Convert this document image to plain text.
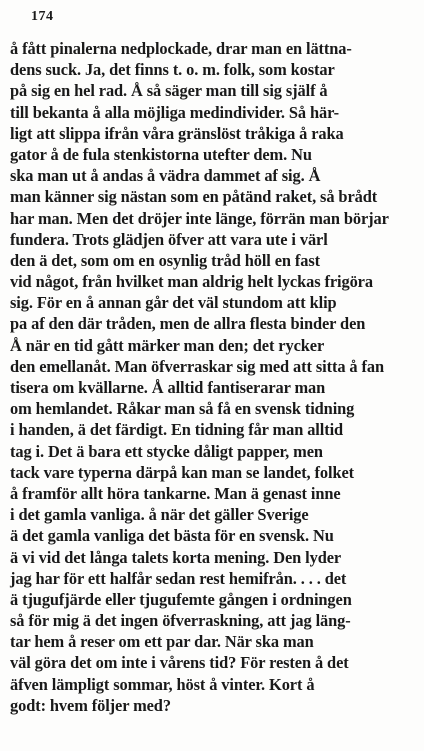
174

å fått pinalerna nedplockade, drar man en lättna-
dens suck. Ja, det finns t. o. m. folk, som kostar
på sig en hel rad. Å så säger man till sig själf å
till bekanta å alla möjliga medindivider. Så här-
ligt att slippa ifrån våra gränslöst tråkiga å raka
gator å de fula stenkistorna utefter dem. Nu
ska man ut å andas å vädra dammet af sig. Å
man känner sig nästan som en påtänd raket, så brådt
har man. Men det dröjer inte länge, förrän man börjar
fundera. Trots glädjen öfver att vara ute i värl
den ä det, som om en osynlig tråd höll en fast
vid något, från hvilket man aldrig helt lyckas frigöra
sig. För en å annan går det väl stundom att klip
pa af den där tråden, men de allra flesta binder den
Å när en tid gått märker man den; det rycker
den emellanåt. Man öfverraskar sig med att sitta å fan
tisera om kvällarne. Å alltid fantiserarar man
om hemlandet. Råkar man så få en svensk tidning
i handen, ä det färdigt. En tidning får man alltid
tag i. Det ä bara ett stycke dåligt papper, men
tack vare typerna därpå kan man se landet, folket
å framför allt höra tankarne. Man ä genast inne
i det gamla vanliga. å när det gäller Sverige
ä det gamla vanliga det bästa för en svensk. Nu
ä vi vid det långa talets korta mening. Den lyder
jag har för ett halfår sedan rest hemifrån. . . . det
ä tjugufjärde eller tjugufemte gången i ordningen
så för mig ä det ingen öfverraskning, att jag läng-
tar hem å reser om ett par dar. När ska man
väl göra det om inte i vårens tid? För resten å det
äfven lämpligt sommar, höst å vinter. Kort å
godt: hvem följer med?
